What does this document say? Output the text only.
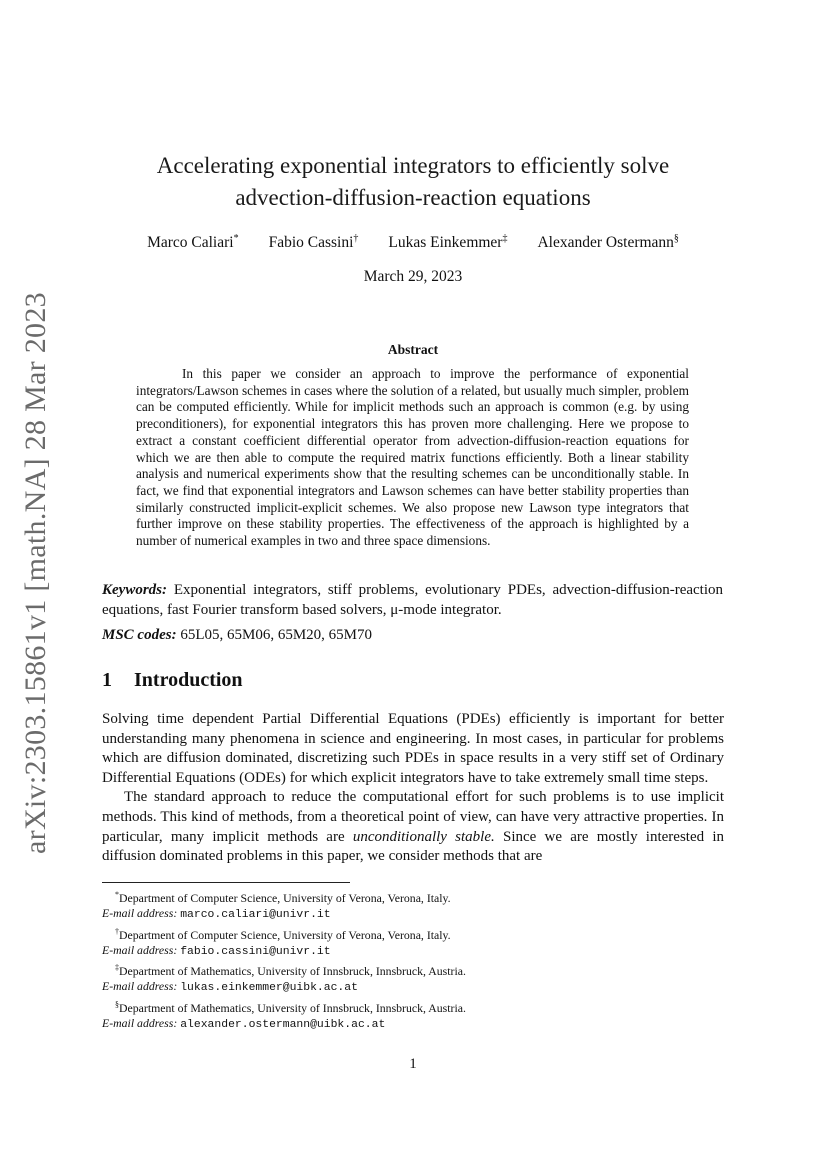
arXiv:2303.15861v1 [math.NA] 28 Mar 2023
Accelerating exponential integrators to efficiently solve
advection-diffusion-reaction equations
Marco Caliari* Fabio Cassini† Lukas Einkemmer‡ Alexander Ostermann§
March 29, 2023
Abstract
In this paper we consider an approach to improve the performance of exponential integrators/Lawson schemes in cases where the solution of a related, but usually much simpler, problem can be computed efficiently. While for implicit methods such an approach is common (e.g. by using preconditioners), for exponential integrators this has proven more challenging. Here we propose to extract a constant coefficient differential operator from advection-diffusion-reaction equations for which we are then able to compute the required matrix functions efficiently. Both a linear stability analysis and numerical experiments show that the resulting schemes can be unconditionally stable. In fact, we find that exponential integrators and Lawson schemes can have better stability properties than similarly constructed implicit-explicit schemes. We also propose new Lawson type integrators that further improve on these stability properties. The effectiveness of the approach is highlighted by a number of numerical examples in two and three space dimensions.
Keywords: Exponential integrators, stiff problems, evolutionary PDEs, advection-diffusion-reaction equations, fast Fourier transform based solvers, μ-mode integrator.
MSC codes: 65L05, 65M06, 65M20, 65M70
1 Introduction

Solving time dependent Partial Differential Equations (PDEs) efficiently is important for better understanding many phenomena in science and engineering. In most cases, in particular for problems which are diffusion dominated, discretizing such PDEs in space results in a very stiff set of Ordinary Differential Equations (ODEs) for which explicit integrators have to take extremely small time steps.

The standard approach to reduce the computational effort for such problems is to use implicit methods. This kind of methods, from a theoretical point of view, can have very attractive properties. In particular, many implicit methods are unconditionally stable. Since we are mostly interested in diffusion dominated problems in this paper, we consider methods that are

*Department of Computer Science, University of Verona, Verona, Italy.

E-mail address: marco.caliari@univr.it

†Department of Computer Science, University of Verona, Verona, Italy.

E-mail address: fabio.cassini@univr.it

‡Department of Mathematics, University of Innsbruck, Innsbruck, Austria.

E-mail address: lukas.einkemmer@uibk.ac.at

§Department of Mathematics, University of Innsbruck, Innsbruck, Austria.

E-mail address: alexander.ostermann@uibk.ac.at

1
